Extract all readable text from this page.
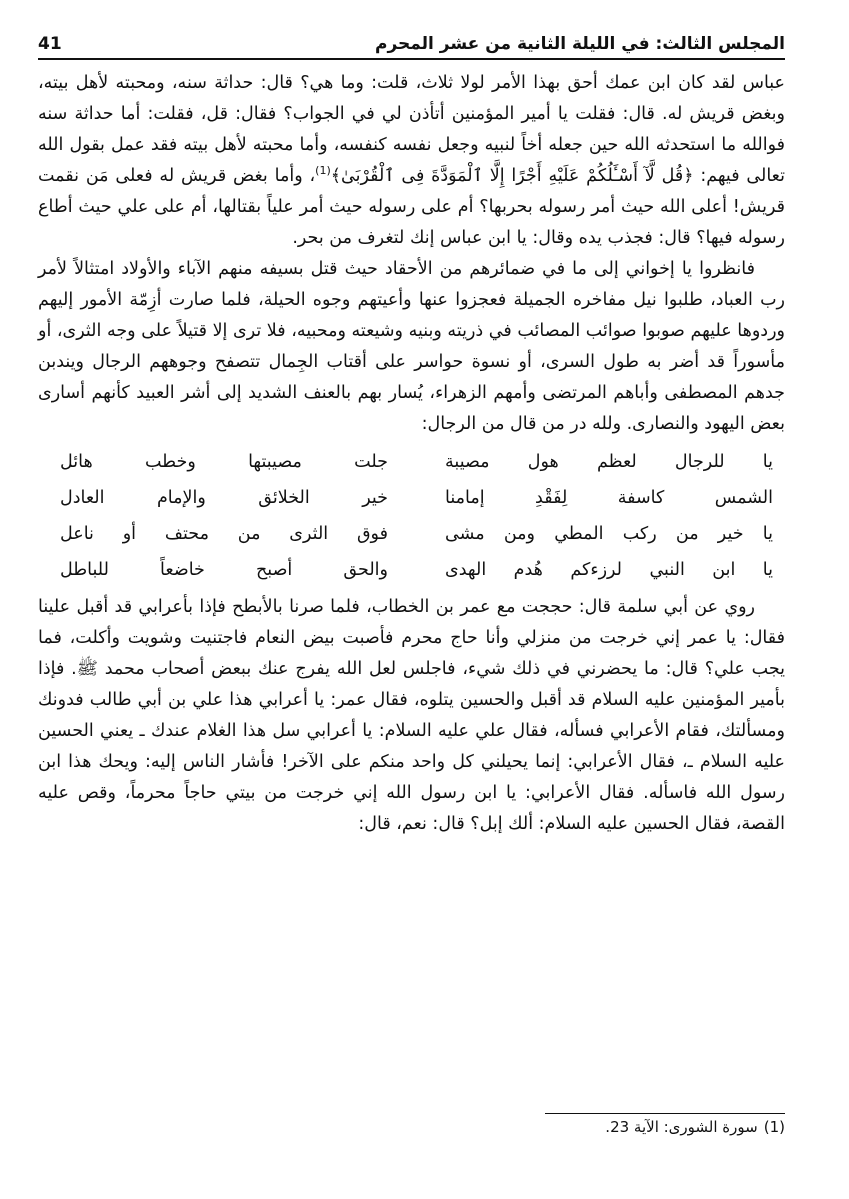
المجلس الثالث: في الليلة الثانية من عشر المحرم
41

عباس لقد كان ابن عمك أحق بهذا الأمر لولا ثلاث، قلت: وما هي؟ قال: حداثة سنه، ومحبته لأهل بيته، وبغض قريش له. قال: فقلت يا أمير المؤمنين أتأذن لي في الجواب؟ فقال: قل، فقلت: أما حداثة سنه فوالله ما استحدثه الله حين جعله أخاً لنبيه وجعل نفسه كنفسه، وأما محبته لأهل بيته فقد عمل بقول الله تعالى فيهم: ﴿قُل لَّآ أَسْـَٔلُكُمْ عَلَيْهِ أَجْرًا إِلَّا ٱلْمَوَدَّةَ فِى ٱلْقُرْبَىٰ﴾$^{(1)}$، وأما بغض قريش له فعلى مَن نقمت قريش! أعلى الله حيث أمر رسوله بحربها؟ أم على رسوله حيث أمر علياً بقتالها، أم على علي حيث أطاع رسوله فيها؟ قال: فجذب يده وقال: يا ابن عباس إنك لتغرف من بحر.

فانظروا يا إخواني إلى ما في ضمائرهم من الأحقاد حيث قتل بسيفه منهم الآباء والأولاد امتثالاً لأمر رب العباد، طلبوا نيل مفاخره الجميلة فعجزوا عنها وأعيتهم وجوه الحيلة، فلما صارت أزِمّة الأمور إليهم وردوها عليهم صوبوا صوائب المصائب في ذريته وبنيه وشيعته ومحبيه، فلا ترى إلا قتيلاً على وجه الثرى، أو مأسوراً قد أضر به طول السرى، أو نسوة حواسر على أقتاب الجِمال تتصفح وجوههم الرجال ويندبن جدهم المصطفى وأباهم المرتضى وأمهم الزهراء، يُسار بهم بالعنف الشديد إلى أشر العبيد كأنهم أسارى بعض اليهود والنصارى. ولله در من قال من الرجال:

يا للرجال لعظم هول مصيبة
جلت مصيبتها وخطب هائل
الشمس كاسفة لِفَقْدِ إمامنا
خير الخلائق والإمام العادل
يا خير من ركب المطي ومن مشى
فوق الثرى من محتف أو ناعل
يا ابن النبي لرزءكم هُدم الهدى
والحق أصبح خاضعاً للباطل

روي عن أبي سلمة قال: حججت مع عمر بن الخطاب، فلما صرنا بالأبطح فإذا بأعرابي قد أقبل علينا فقال: يا عمر إني خرجت من منزلي وأنا حاج محرم فأصبت بيض النعام فاجتنيت وشويت وأكلت، فما يجب علي؟ قال: ما يحضرني في ذلك شيء، فاجلس لعل الله يفرج عنك ببعض أصحاب محمد ﷺ. فإذا بأمير المؤمنين عليه السلام قد أقبل والحسين يتلوه، فقال عمر: يا أعرابي هذا علي بن أبي طالب فدونك ومسألتك، فقام الأعرابي فسأله، فقال علي عليه السلام: يا أعرابي سل هذا الغلام عندك ـ يعني الحسين عليه السلام ـ، فقال الأعرابي: إنما يحيلني كل واحد منكم على الآخر! فأشار الناس إليه: ويحك هذا ابن رسول الله فاسأله. فقال الأعرابي: يا ابن رسول الله إني خرجت من بيتي حاجاً محرماً، وقص عليه القصة، فقال الحسين عليه السلام: ألك إبل؟ قال: نعم، قال:

(1)
سورة الشورى: الآية 23.
